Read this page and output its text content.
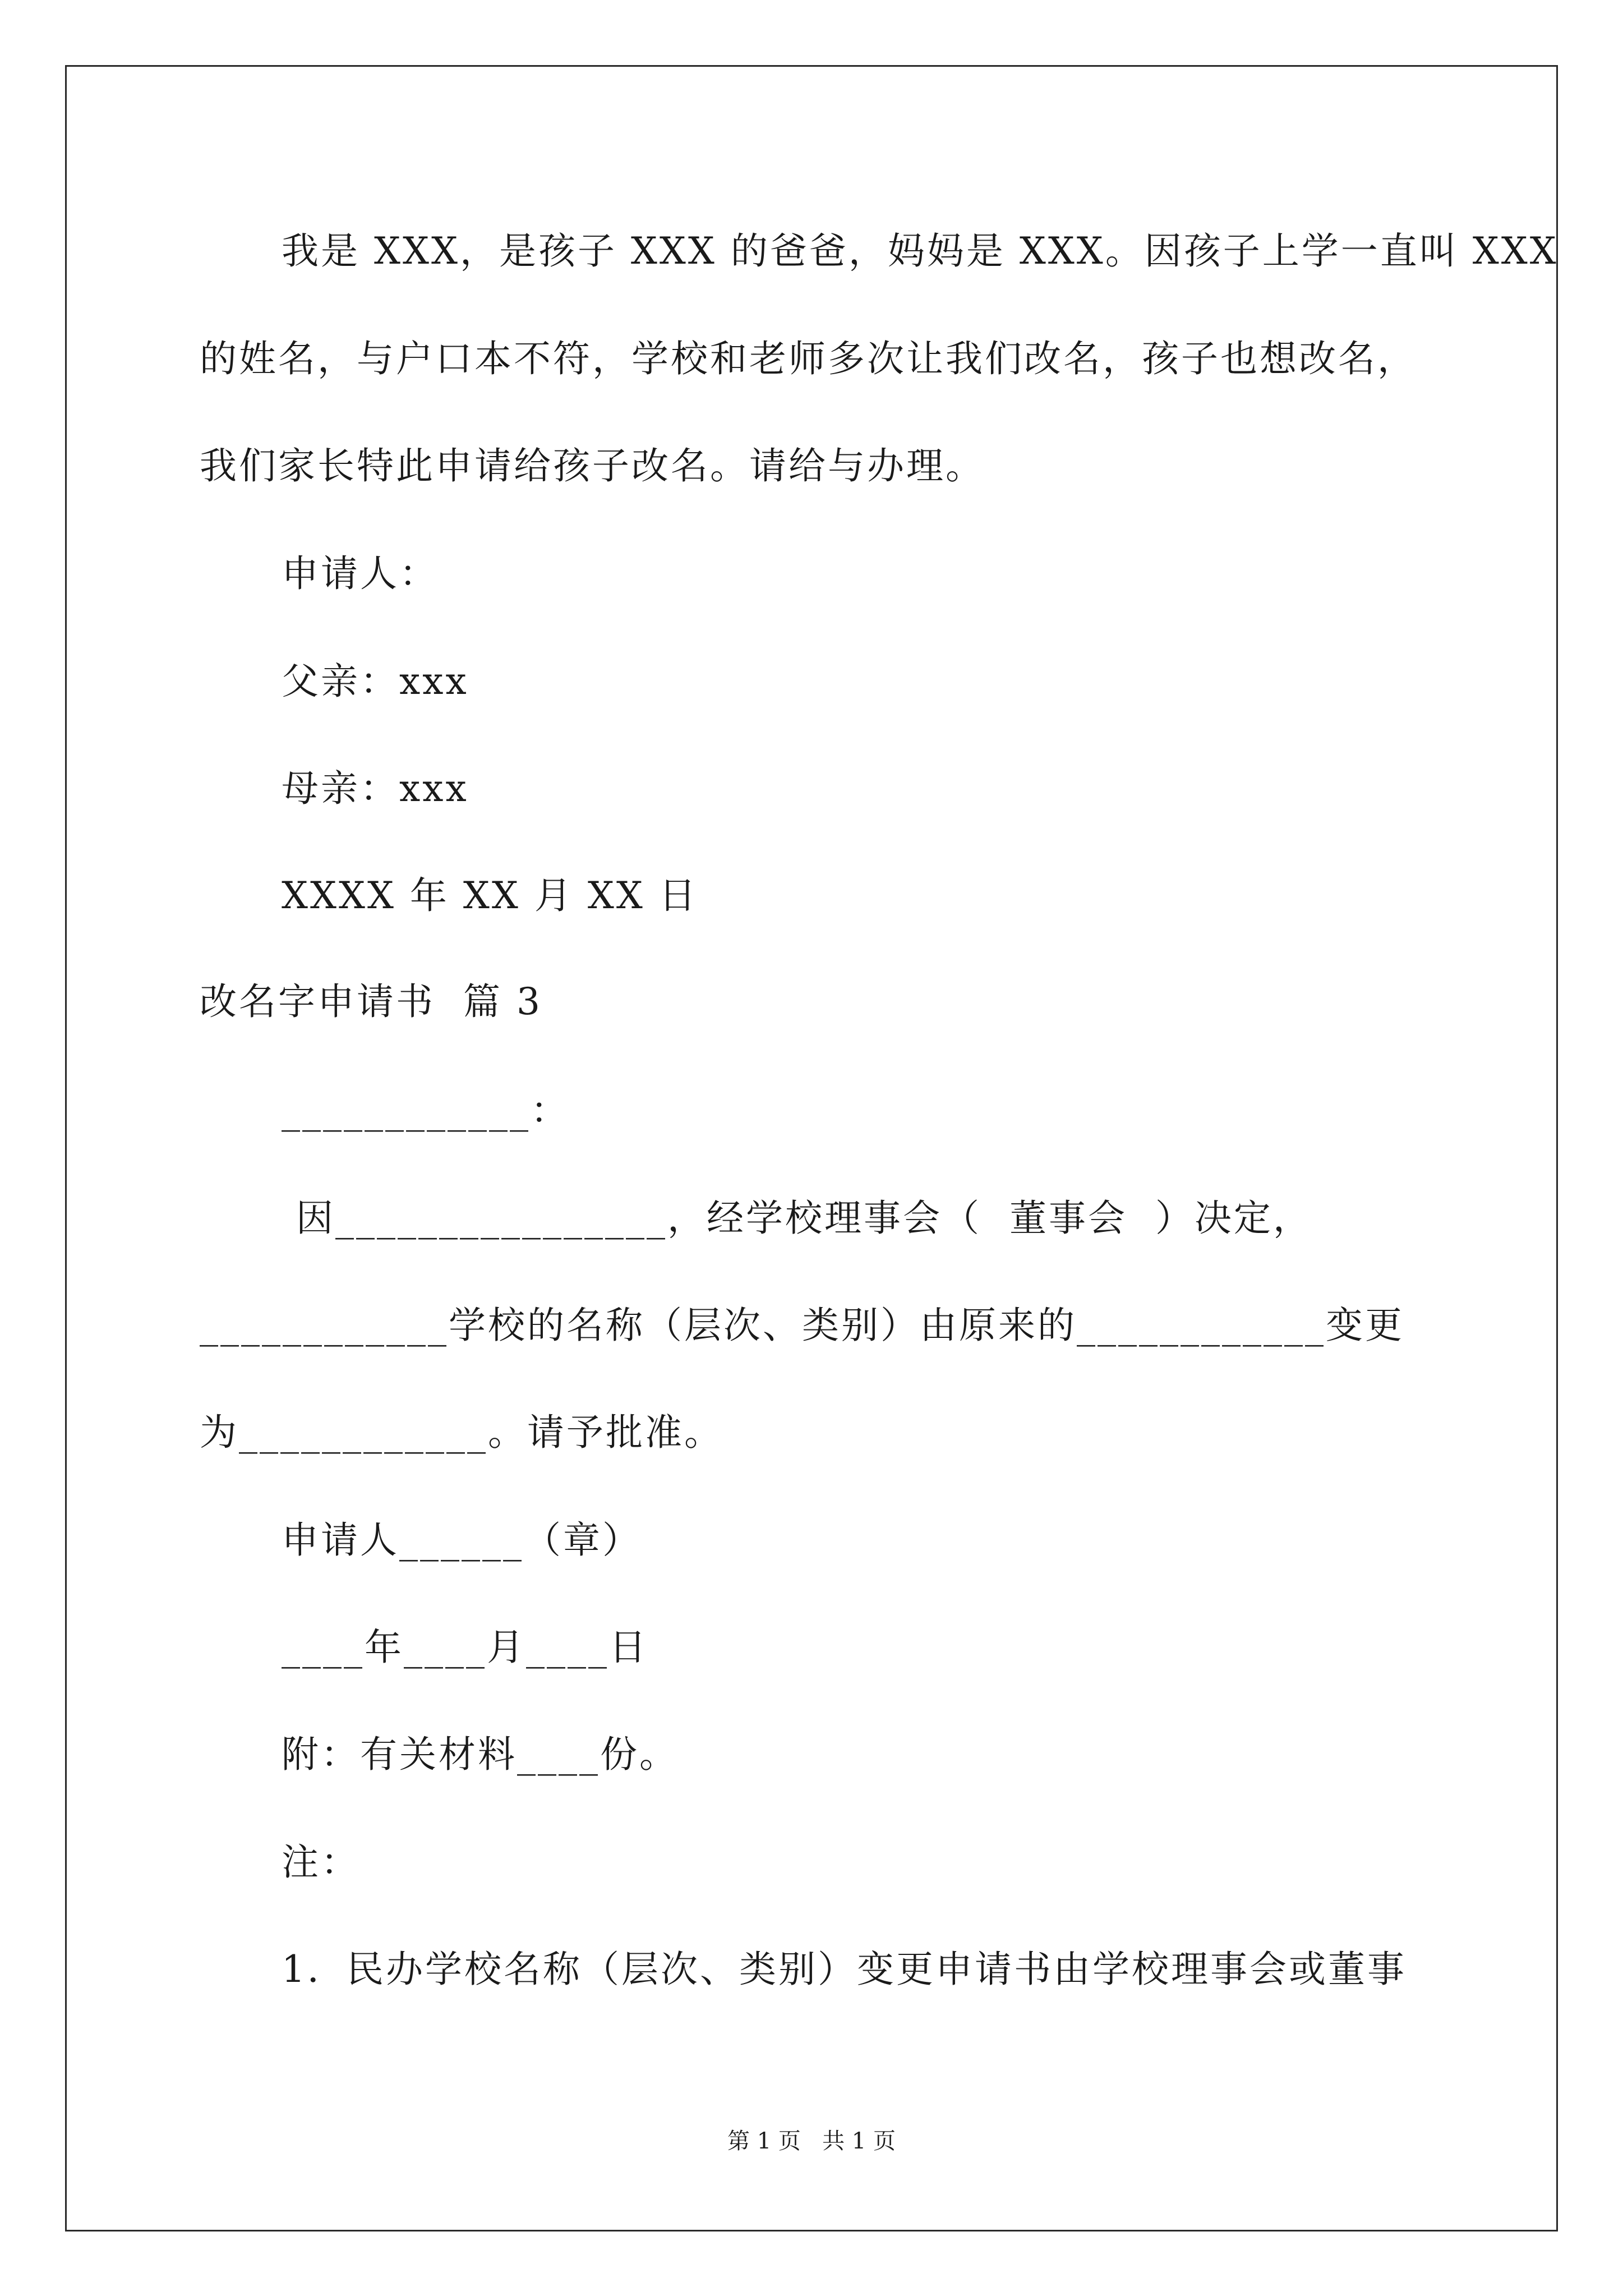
我是 XXX，是孩子 XXX 的爸爸，妈妈是 XXX。因孩子上学一直叫 XXX
的姓名，与户口本不符，学校和老师多次让我们改名，孩子也想改名，
我们家长特此申请给孩子改名。请给与办理。
申请人：
父亲：xxx
母亲：xxx
XXXX 年 XX 月 XX 日
改名字申请书  篇 3
____________：
因________________，经学校理事会（  董事会  ）决定，
____________学校的名称（层次、类别）由原来的____________变更
为____________。请予批准。
申请人______（章）
____年____月____日
附：有关材料____份。
注：
1．民办学校名称（层次、类别）变更申请书由学校理事会或董事
第 1 页   共 1 页
